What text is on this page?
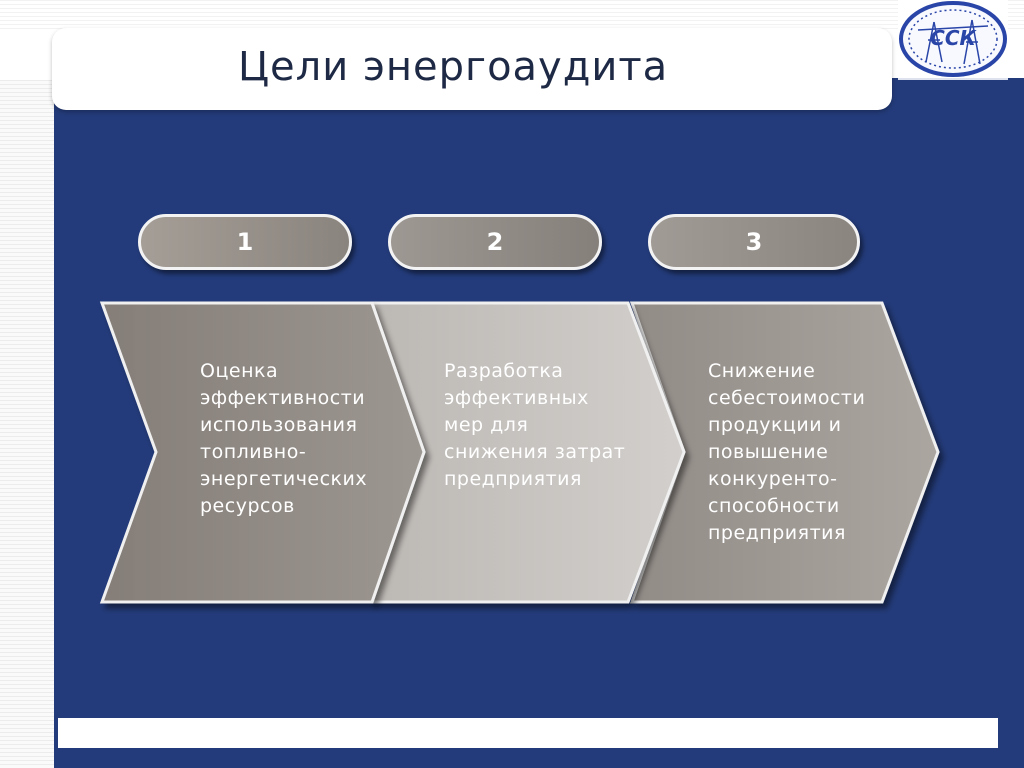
Цели энергоаудита
ССК
1	2	3
Оценка
эффективности
использования
топливно-
энергетических
ресурсов
Разработка
эффективных
мер для
снижения затрат
предприятия
Снижение
себестоимости
продукции и
повышение
конкуренто-
способности
предприятия
